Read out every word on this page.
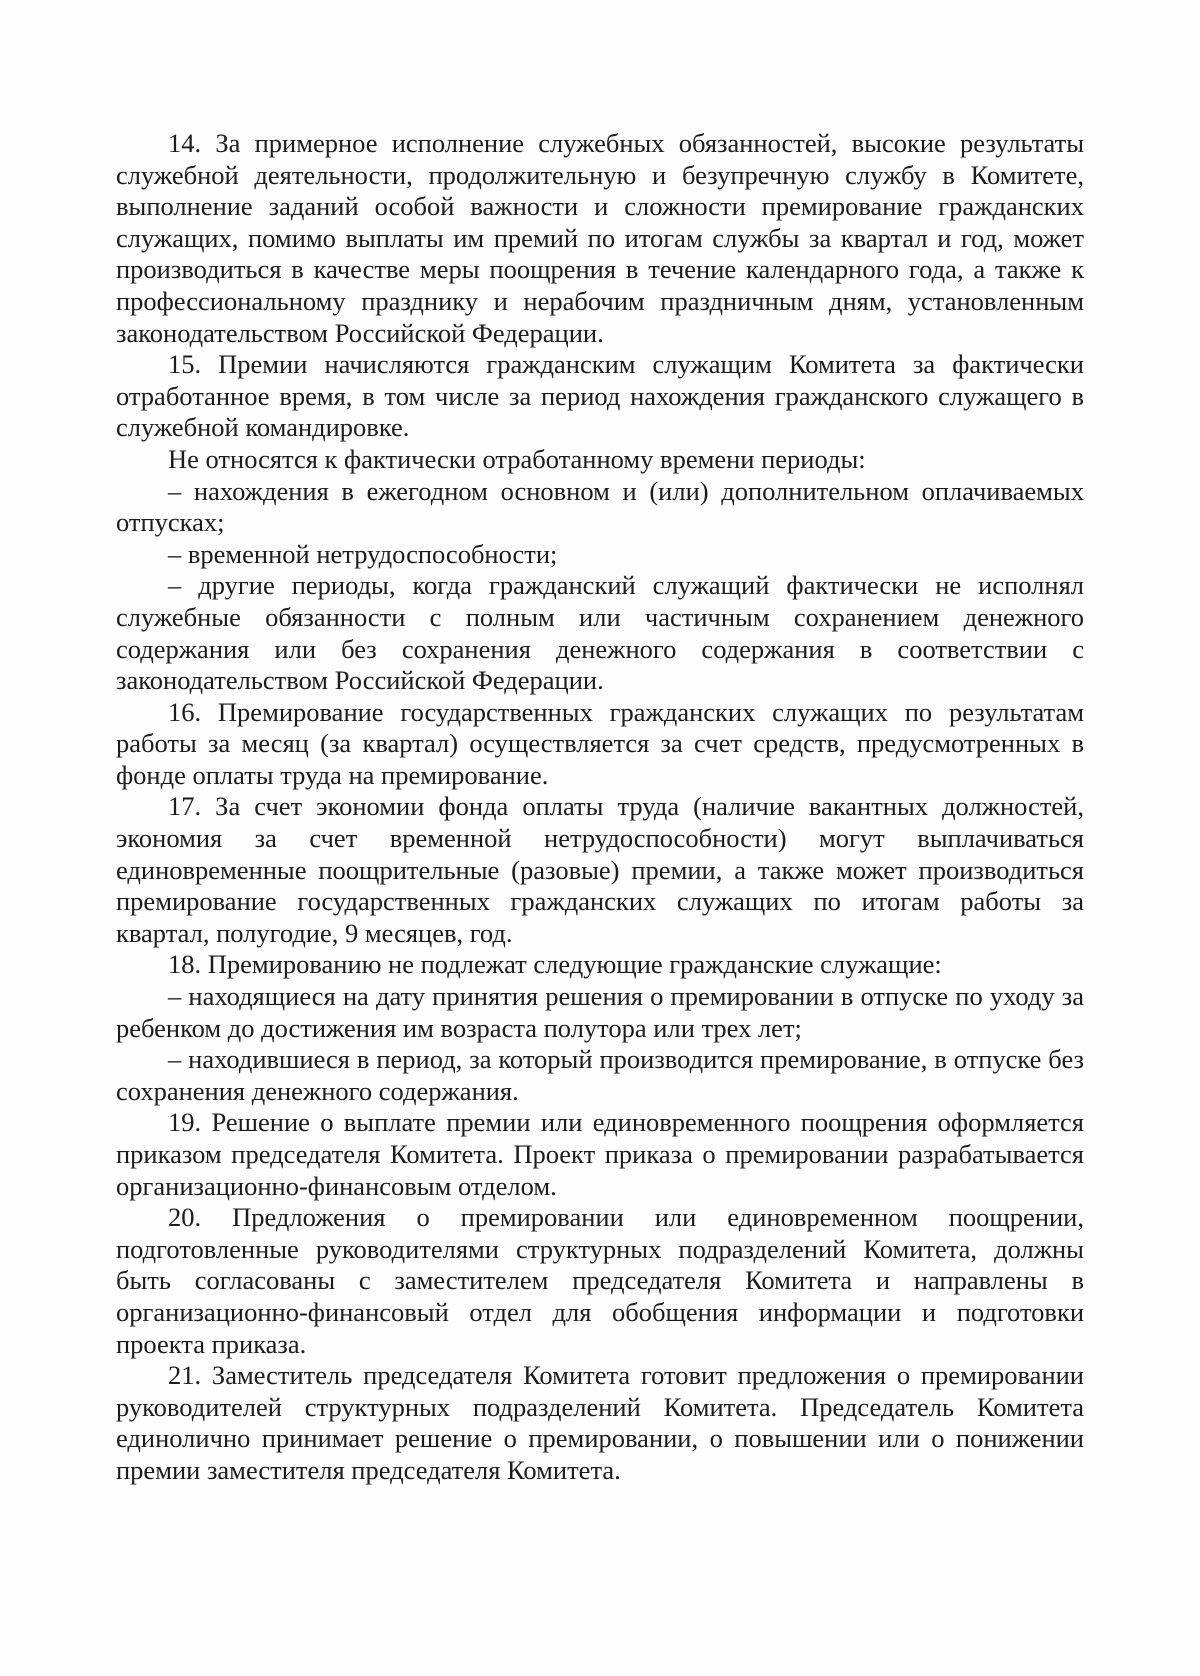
14. За примерное исполнение служебных обязанностей, высокие результаты служебной деятельности, продолжительную и безупречную службу в Комитете, выполнение заданий особой важности и сложности премирование гражданских служащих, помимо выплаты им премий по итогам службы за квартал и год, может производиться в качестве меры поощрения в течение календарного года, а также к профессиональному празднику и нерабочим праздничным дням, установленным законодательством Российской Федерации.

15. Премии начисляются гражданским служащим Комитета за фактически отработанное время, в том числе за период нахождения гражданского служащего в служебной командировке.

Не относятся к фактически отработанному времени периоды:

– нахождения в ежегодном основном и (или) дополнительном оплачиваемых отпусках;

– временной нетрудоспособности;

– другие периоды, когда гражданский служащий фактически не исполнял служебные обязанности с полным или частичным сохранением денежного содержания или без сохранения денежного содержания в соответствии с законодательством Российской Федерации.

16. Премирование государственных гражданских служащих по результатам работы за месяц (за квартал) осуществляется за счет средств, предусмотренных в фонде оплаты труда на премирование.

17. За счет экономии фонда оплаты труда (наличие вакантных должностей, экономия за счет временной нетрудоспособности) могут выплачиваться единовременные поощрительные (разовые) премии, а также может производиться премирование государственных гражданских служащих по итогам работы за квартал, полугодие, 9 месяцев, год.

18. Премированию не подлежат следующие гражданские служащие:

– находящиеся на дату принятия решения о премировании в отпуске по уходу за ребенком до достижения им возраста полутора или трех лет;

– находившиеся в период, за который производится премирование, в отпуске без сохранения денежного содержания.

19. Решение о выплате премии или единовременного поощрения оформляется приказом председателя Комитета. Проект приказа о премировании разрабатывается организационно-финансовым отделом.

20. Предложения о премировании или единовременном поощрении, подготовленные руководителями структурных подразделений Комитета, должны быть согласованы с заместителем председателя Комитета и направлены в организационно-финансовый отдел для обобщения информации и подготовки проекта приказа.

21. Заместитель председателя Комитета готовит предложения о премировании руководителей структурных подразделений Комитета. Председатель Комитета единолично принимает решение о премировании, о повышении или о понижении премии заместителя председателя Комитета.
